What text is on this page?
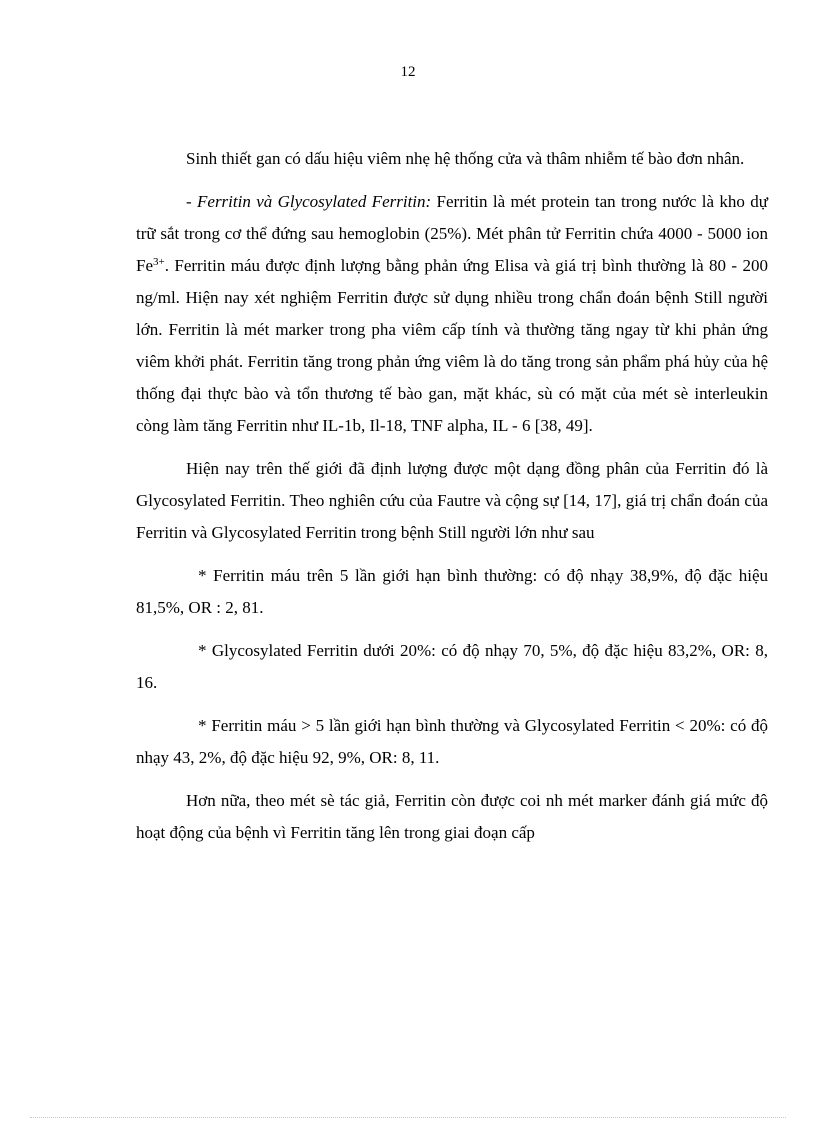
12

Sinh thiết gan có dấu hiệu viêm nhẹ hệ thống cửa và thâm nhiễm tế bào đơn nhân.

- Ferritin và Glycosylated Ferritin: Ferritin là mét protein tan trong nước là kho dự trữ sắt trong cơ thể đứng sau hemoglobin (25%). Mét phân tử Ferritin chứa 4000 - 5000 ion $Fe^{3+}$. Ferritin máu được định lượng bằng phản ứng Elisa và giá trị bình thường là 80 - 200 ng/ml. Hiện nay xét nghiệm Ferritin được sử dụng nhiều trong chẩn đoán bệnh Still người lớn. Ferritin là mét marker trong pha viêm cấp tính và thường tăng ngay từ khi phản ứng viêm khởi phát. Ferritin tăng trong phản ứng viêm là do tăng trong sản phẩm phá hủy của hệ thống đại thực bào và tổn thương tế bào gan, mặt khác, sù có mặt của mét sè interleukin còng làm tăng Ferritin như IL-1b, Il-18, TNF alpha, IL - 6 [38, 49].

Hiện nay trên thế giới đã định lượng được một dạng đồng phân của Ferritin đó là Glycosylated Ferritin. Theo nghiên cứu của Fautre và cộng sự [14, 17], giá trị chẩn đoán của Ferritin và Glycosylated Ferritin trong bệnh Still người lớn như sau

* Ferritin máu trên 5 lần giới hạn bình thường: có độ nhạy 38,9%, độ đặc hiệu 81,5%, OR : 2, 81.

* Glycosylated Ferritin dưới 20%: có độ nhạy 70, 5%, độ đặc hiệu 83,2%, OR: 8, 16.

* Ferritin máu > 5 lần giới hạn bình thường và Glycosylated Ferritin < 20%: có độ nhạy 43, 2%, độ đặc hiệu 92, 9%, OR: 8, 11.

Hơn nữa, theo mét sè tác giả, Ferritin còn được coi nh mét marker đánh giá mức độ hoạt động của bệnh vì Ferritin tăng lên trong giai đoạn cấp
